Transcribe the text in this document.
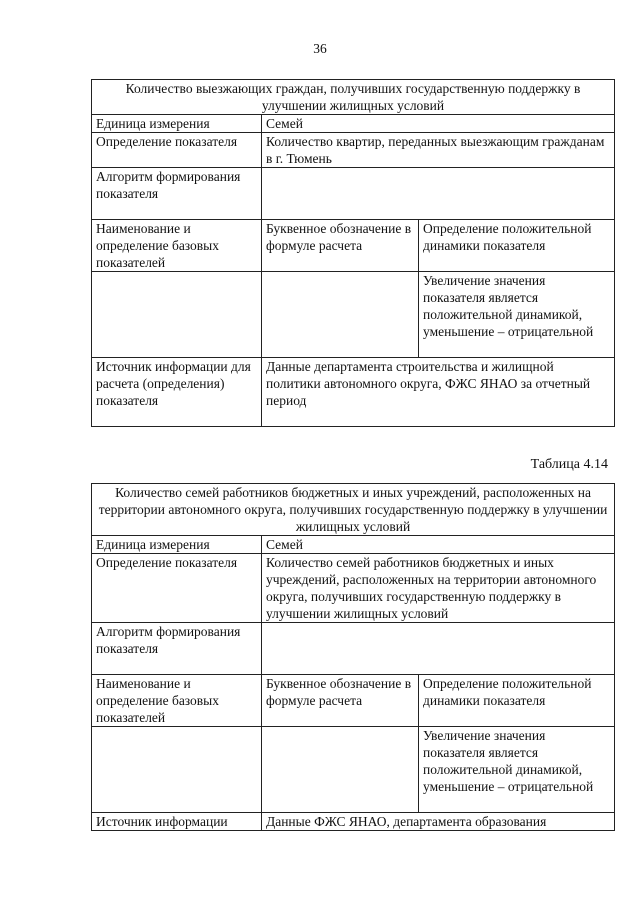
36
Количество выезжающих граждан, получивших государственную поддержку в улучшении жилищных условий		
Единица измерения	Семей	
Определение показателя	Количество квартир, переданных выезжающим гражданам в г. Тюмень	
Алгоритм формирования показателя		
Наименование и определение базовых показателей	Буквенное обозначение в формуле расчета	Определение положительной динамики показателя
		Увеличение значения показателя является положительной динамикой, уменьшение – отрицательной
Источник информации для расчета (определения) показателя	Данные департамента строительства и жилищной политики автономного округа, ФЖС ЯНАО за отчетный период	
Таблица 4.14
Количество семей работников бюджетных и иных учреждений, расположенных на территории автономного округа, получивших государственную поддержку в улучшении жилищных условий		
Единица измерения	Семей	
Определение показателя	Количество семей работников бюджетных и иных учреждений, расположенных на территории автономного округа, получивших государственную поддержку в улучшении жилищных условий	
Алгоритм формирования показателя		
Наименование и определение базовых показателей	Буквенное обозначение в формуле расчета	Определение положительной динамики показателя
		Увеличение значения показателя является положительной динамикой, уменьшение – отрицательной
Источник информации	Данные ФЖС ЯНАО, департамента образования	
